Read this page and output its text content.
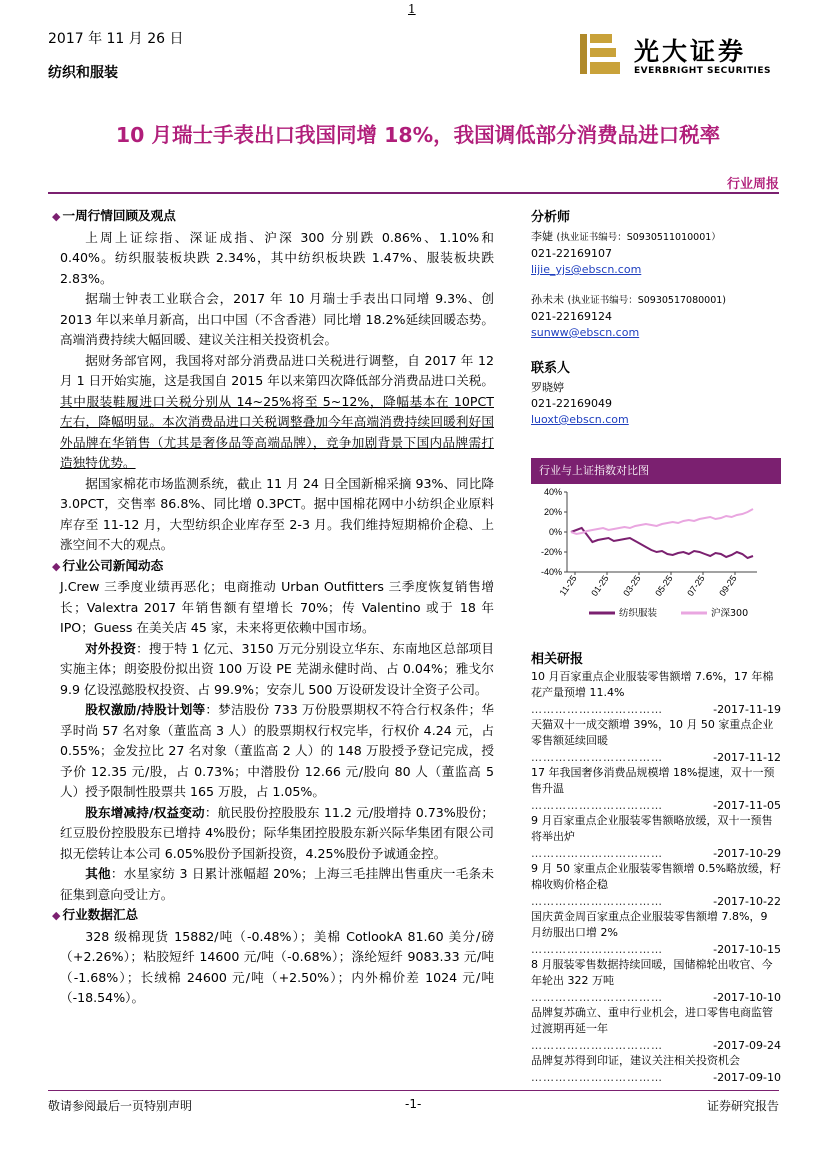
1
2017 年 11 月 26 日
纺织和服装
光大证券
EVERBRIGHT SECURITIES
10 月瑞士手表出口我国同增 18%，我国调低部分消费品进口税率
行业周报

◆ 一周行情回顾及观点

上周上证综指、深证成指、沪深 300 分别跌 0.86%、1.10%和 0.40%。纺织服装板块跌 2.34%，其中纺织板块跌 1.47%、服装板块跌 2.83%。

据瑞士钟表工业联合会，2017 年 10 月瑞士手表出口同增 9.3%、创 2013 年以来单月新高，出口中国（不含香港）同比增 18.2%延续回暖态势。高端消费持续大幅回暖、建议关注相关投资机会。

据财务部官网，我国将对部分消费品进口关税进行调整，自 2017 年 12 月 1 日开始实施，这是我国自 2015 年以来第四次降低部分消费品进口关税。其中服装鞋履进口关税分别从 14~25%将至 5~12%，降幅基本在 10PCT 左右，降幅明显。本次消费品进口关税调整叠加今年高端消费持续回暖利好国外品牌在华销售（尤其是奢侈品等高端品牌），竞争加剧背景下国内品牌需打造独特优势。

据国家棉花市场监测系统，截止 11 月 24 日全国新棉采摘 93%、同比降 3.0PCT，交售率 86.8%、同比增 0.3PCT。据中国棉花网中小纺织企业原料库存至 11-12 月，大型纺织企业库存至 2-3 月。我们维持短期棉价企稳、上涨空间不大的观点。

◆ 行业公司新闻动态

J.Crew 三季度业绩再恶化；电商推动 Urban Outfitters 三季度恢复销售增长；Valextra 2017 年销售额有望增长 70%；传 Valentino 或于 18 年 IPO；Guess 在美关店 45 家，未来将更依赖中国市场。

对外投资：搜于特 1 亿元、3150 万元分别设立华东、东南地区总部项目实施主体；朗姿股份拟出资 100 万设 PE 芜湖永健时尚、占 0.04%；雅戈尔 9.9 亿设泓懿股权投资、占 99.9%；安奈儿 500 万设研发设计全资子公司。

股权激励/持股计划等：梦洁股份 733 万份股票期权不符合行权条件；华孚时尚 57 名对象（董监高 3 人）的股票期权行权完毕，行权价 4.24 元，占 0.55%；金发拉比 27 名对象（董监高 2 人）的 148 万股授予登记完成，授予价 12.35 元/股，占 0.73%；中潜股份 12.66 元/股向 80 人（董监高 5 人）授予限制性股票共 165 万股，占 1.05%。

股东增减持/权益变动：航民股份控股股东 11.2 元/股增持 0.73%股份；红豆股份控股股东已增持 4%股份；际华集团控股股东新兴际华集团有限公司拟无偿转让本公司 6.05%股份予国新投资，4.25%股份予诚通金控。

其他：水星家纺 3 日累计涨幅超 20%；上海三毛挂牌出售重庆一毛条未征集到意向受让方。

◆ 行业数据汇总

328 级棉现货 15882/吨（-0.48%）；美棉 CotlookA 81.60 美分/磅（+2.26%）；粘胶短纤 14600 元/吨（-0.68%）；涤纶短纤 9083.33 元/吨（-1.68%）；长绒棉 24600 元/吨（+2.50%）；内外棉价差 1024 元/吨（-18.54%）。

分析师

李婕 (执业证书编号：S0930511010001）

021-22169107

lijie_yjs@ebscn.com

孙未未 (执业证书编号：S0930517080001)

021-22169124

sunww@ebscn.com

联系人

罗晓婷

021-22169049

luoxt@ebscn.com

行业与上证指数对比图
40%
20%
0%
-20%
-40%
11-25 01-25 03-25 05-25 07-25 09-25
纺织服装	沪深300

相关研报

10 月百家重点企业服装零售额增 7.6%，17 年棉花产量预增 11.4%

……………………………	-2017-11-19

天猫双十一成交额增 39%，10 月 50 家重点企业零售额延续回暖

……………………………	-2017-11-12

17 年我国奢侈消费品规模增 18%提速，双十一预售升温

……………………………	-2017-11-05

9 月百家重点企业服装零售额略放缓，双十一预售将举出炉

……………………………	-2017-10-29

9 月 50 家重点企业服装零售额增 0.5%略放缓，籽棉收购价格企稳

……………………………	-2017-10-22

国庆黄金周百家重点企业服装零售额增 7.8%，9 月纺服出口增 2%

……………………………	-2017-10-15

8 月服装零售数据持续回暖，国储棉轮出收官、今年轮出 322 万吨

……………………………	-2017-10-10

品牌复苏确立、重申行业机会，进口零售电商监管过渡期再延一年

……………………………	-2017-09-24

品牌复苏得到印证，建议关注相关投资机会

……………………………	-2017-09-10

敬请参阅最后一页特别声明	-1-	证券研究报告
